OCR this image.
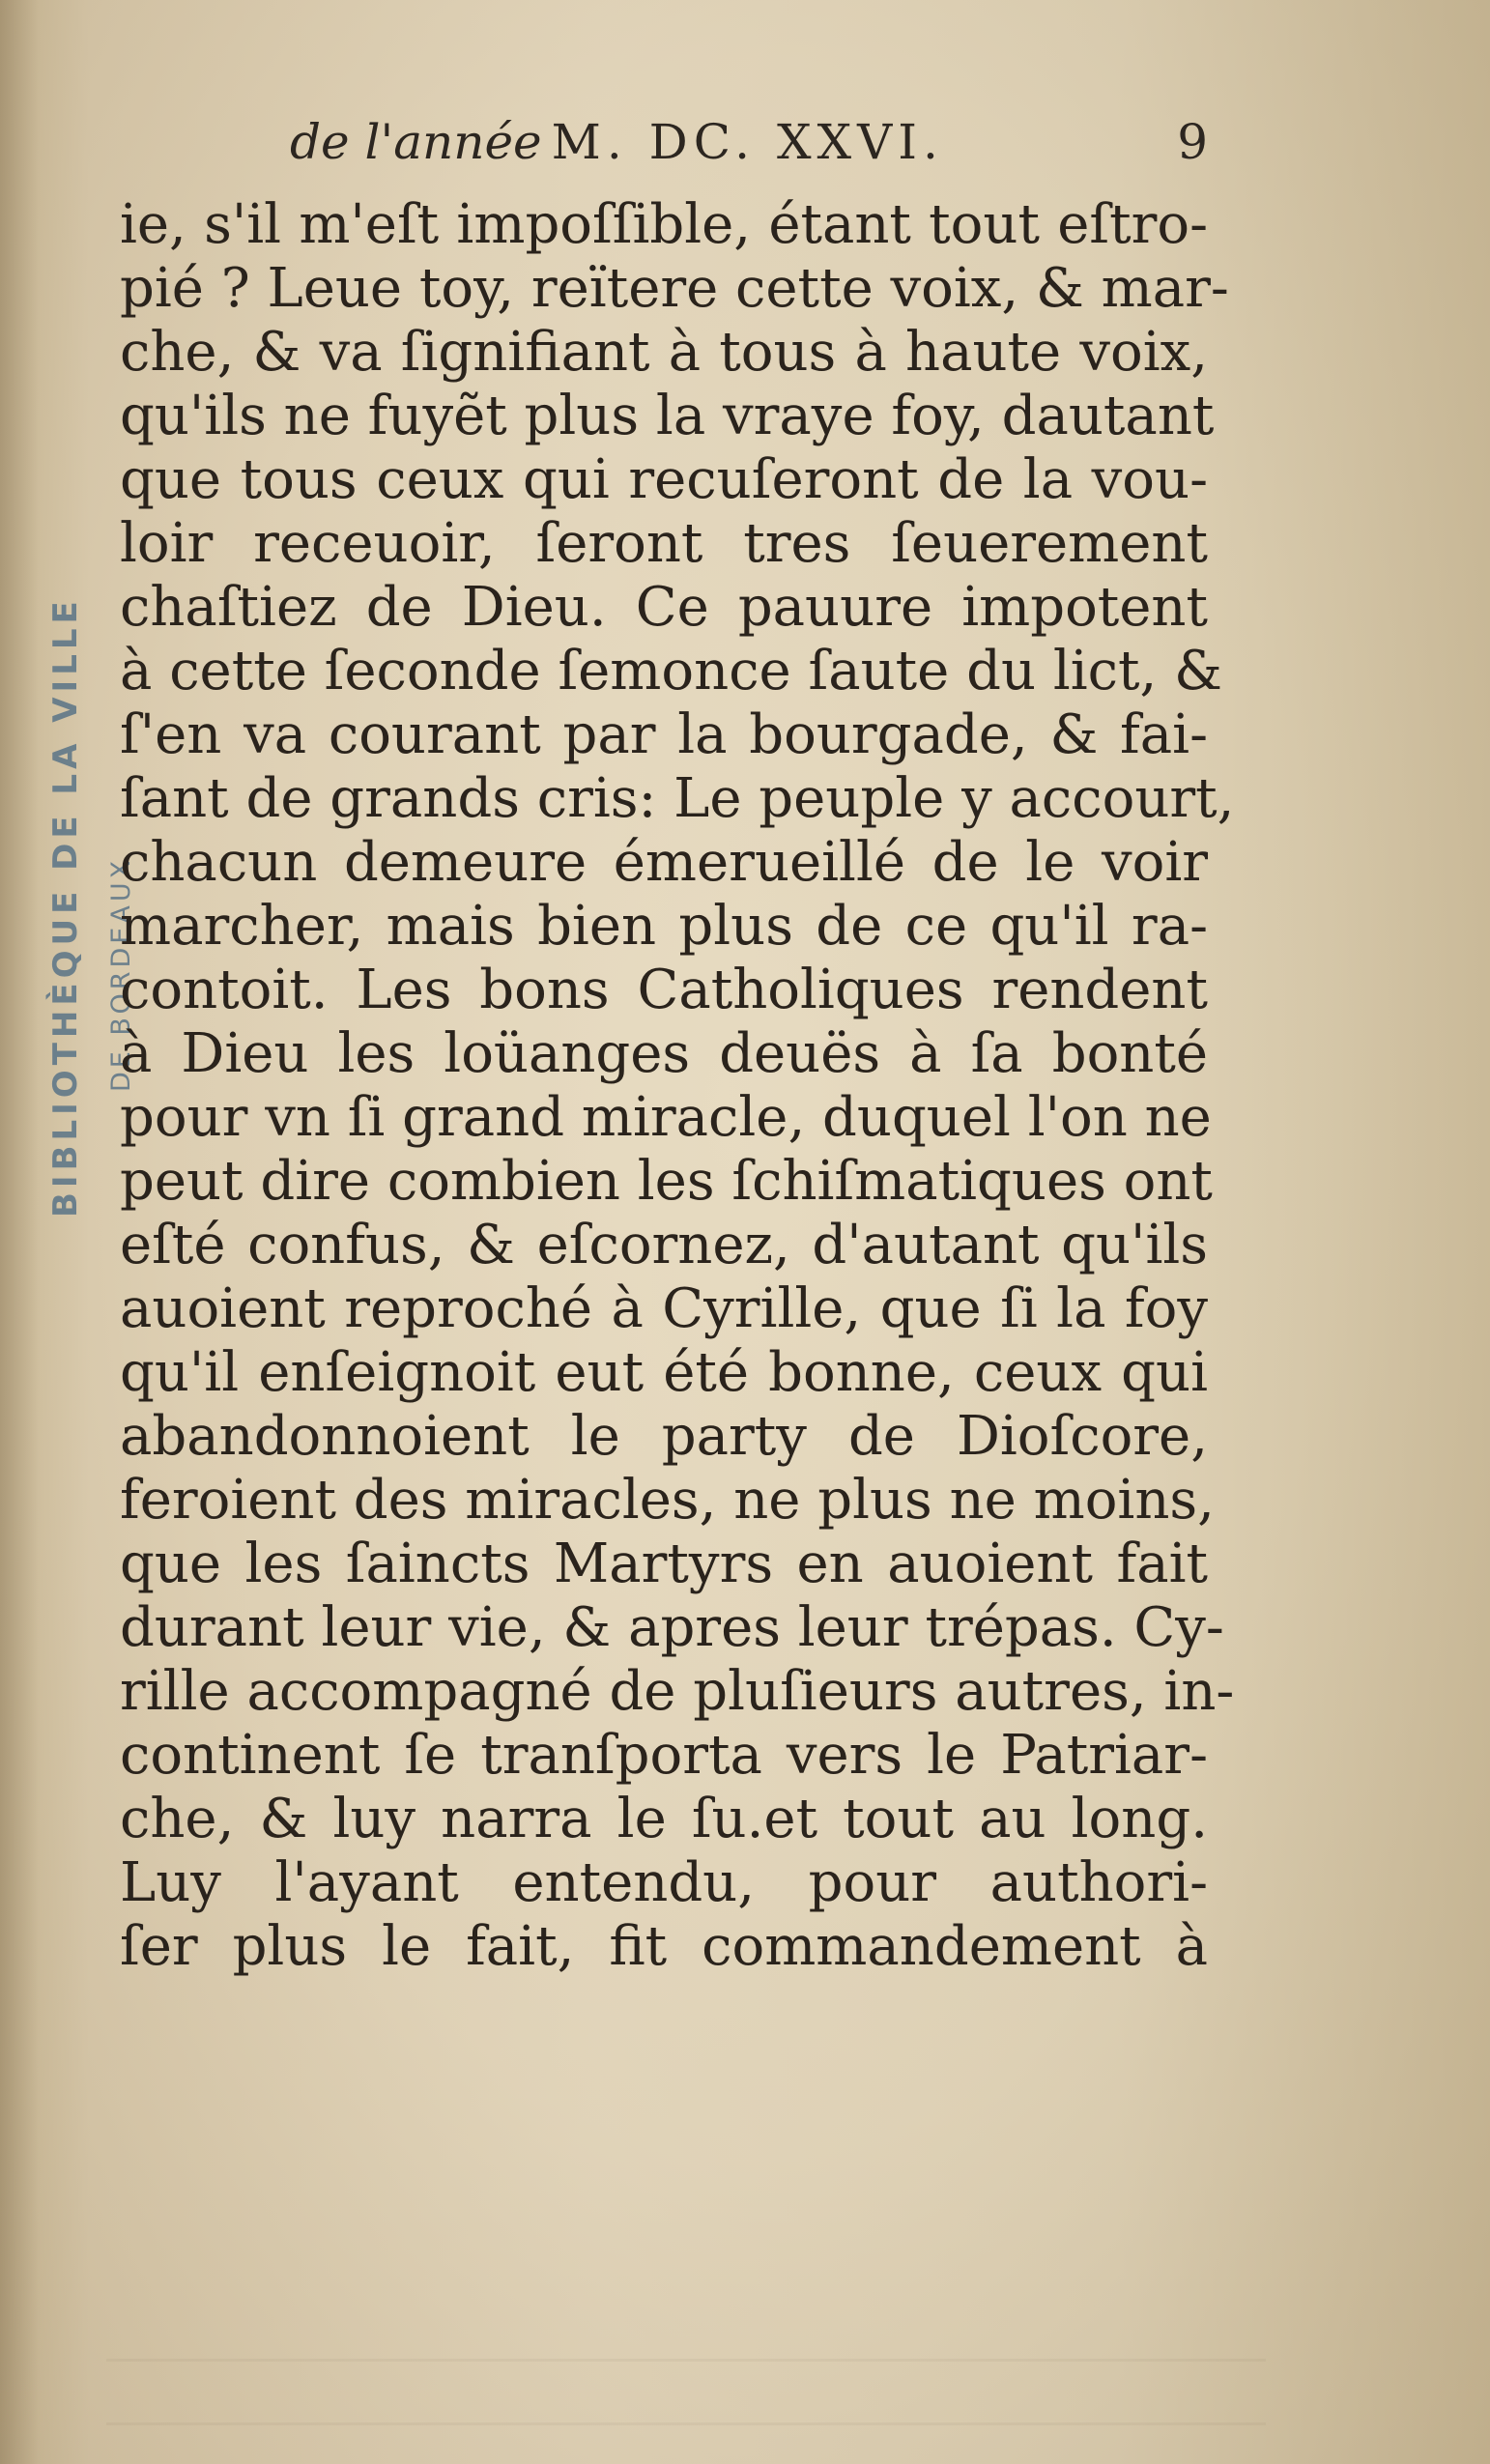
BIBLIOTHÈQUE DE LA VILLE DE BORDEAUX
de l'année M. DC. XXVI.	9
ie, s'il m'eſt impoſſible, étant tout eſtro-
pié ? Leue toy, reïtere cette voix, & mar-
che, & va ſignifiant à tous à haute voix,
qu'ils ne fuyẽt plus la vraye foy, dautant
que tous ceux qui recuſeront de la vou-
loir receuoir, ſeront tres ſeuerement
chaſtiez de Dieu. Ce pauure impotent
à cette ſeconde ſemonce ſaute du lict, &
ſ'en va courant par la bourgade, & fai-
ſant de grands cris: Le peuple y accourt,
chacun demeure émerueillé de le voir
marcher, mais bien plus de ce qu'il ra-
contoit. Les bons Catholiques rendent
à Dieu les loüanges deuës à ſa bonté
pour vn ſi grand miracle, duquel l'on ne
peut dire combien les ſchiſmatiques ont
eſté confus, & eſcornez, d'autant qu'ils
auoient reproché à Cyrille, que ſi la foy
qu'il enſeignoit eut été bonne, ceux qui
abandonnoient le party de Dioſcore,
feroient des miracles, ne plus ne moins,
que les ſaincts Martyrs en auoient fait
durant leur vie, & apres leur trépas. Cy-
rille accompagné de pluſieurs autres, in-
continent ſe tranſporta vers le Patriar-
che, & luy narra le ſu.et tout au long.
Luy l'ayant entendu, pour authori-
ſer plus le fait, fit commandement à
